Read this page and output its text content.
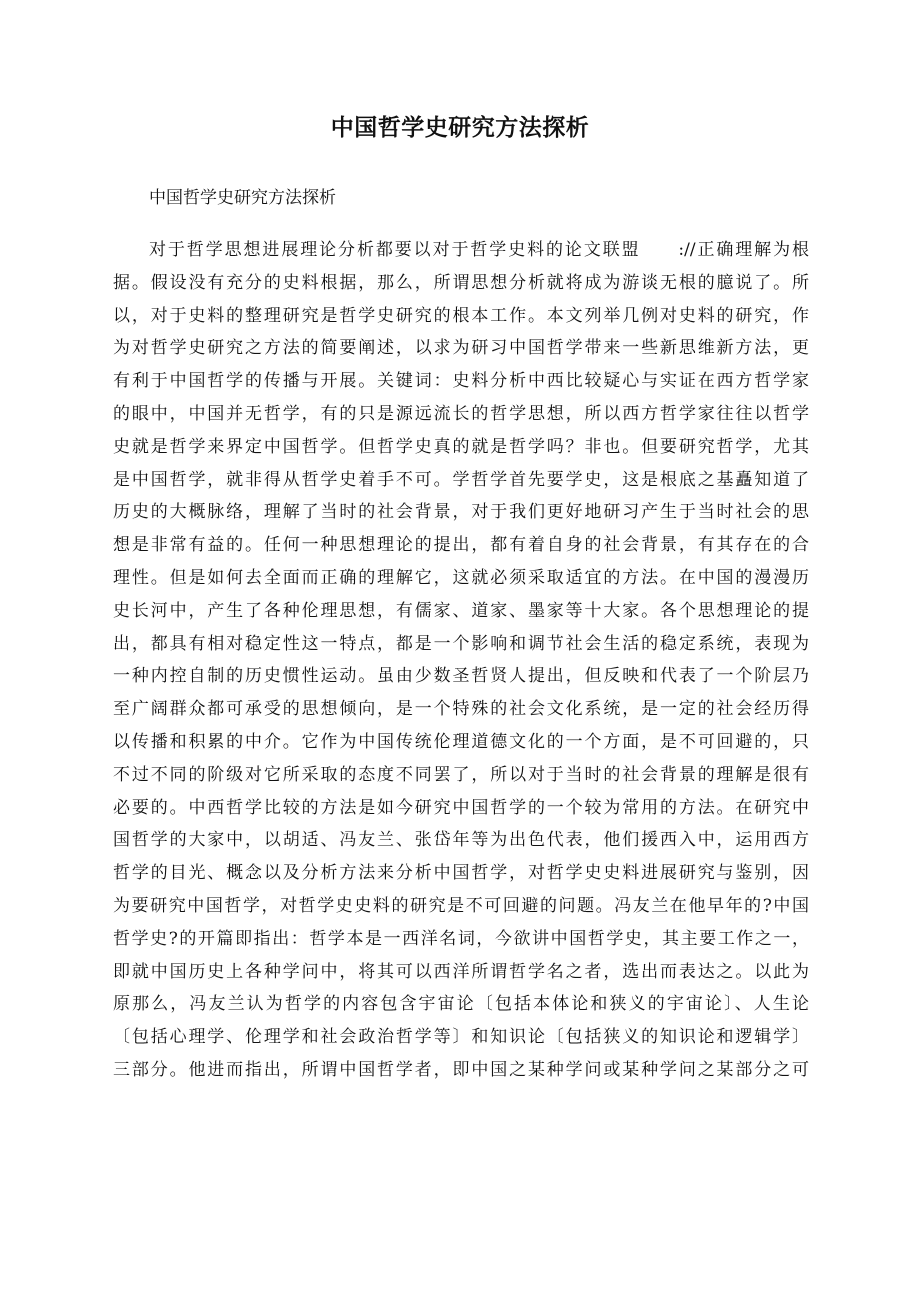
中国哲学史研究方法探析
中国哲学史研究方法探析
对于哲学思想进展理论分析都要以对于哲学史料的论文联盟　　://正确理解为根
据。假设没有充分的史料根据，那么，所谓思想分析就将成为游谈无根的臆说了。所
以，对于史料的整理研究是哲学史研究的根本工作。本文列举几例对史料的研究，作
为对哲学史研究之方法的简要阐述，以求为研习中国哲学带来一些新思维新方法，更
有利于中国哲学的传播与开展。关键词：史料分析中西比较疑心与实证在西方哲学家
的眼中，中国并无哲学，有的只是源远流长的哲学思想，所以西方哲学家往往以哲学
史就是哲学来界定中国哲学。但哲学史真的就是哲学吗？非也。但要研究哲学，尤其
是中国哲学，就非得从哲学史着手不可。学哲学首先要学史，这是根底之基矗知道了
历史的大概脉络，理解了当时的社会背景，对于我们更好地研习产生于当时社会的思
想是非常有益的。任何一种思想理论的提出，都有着自身的社会背景，有其存在的合
理性。但是如何去全面而正确的理解它，这就必须采取适宜的方法。在中国的漫漫历
史长河中，产生了各种伦理思想，有儒家、道家、墨家等十大家。各个思想理论的提
出，都具有相对稳定性这一特点，都是一个影响和调节社会生活的稳定系统，表现为
一种内控自制的历史惯性运动。虽由少数圣哲贤人提出，但反映和代表了一个阶层乃
至广阔群众都可承受的思想倾向，是一个特殊的社会文化系统，是一定的社会经历得
以传播和积累的中介。它作为中国传统伦理道德文化的一个方面，是不可回避的，只
不过不同的阶级对它所采取的态度不同罢了，所以对于当时的社会背景的理解是很有
必要的。中西哲学比较的方法是如今研究中国哲学的一个较为常用的方法。在研究中
国哲学的大家中，以胡适、冯友兰、张岱年等为出色代表，他们援西入中，运用西方
哲学的目光、概念以及分析方法来分析中国哲学，对哲学史史料进展研究与鉴别，因
为要研究中国哲学，对哲学史史料的研究是不可回避的问题。冯友兰在他早年的?中国
哲学史?的开篇即指出：哲学本是一西洋名词，今欲讲中国哲学史，其主要工作之一，
即就中国历史上各种学问中，将其可以西洋所谓哲学名之者，选出而表达之。以此为
原那么，冯友兰认为哲学的内容包含宇宙论〔包括本体论和狭义的宇宙论〕、人生论
〔包括心理学、伦理学和社会政治哲学等〕和知识论〔包括狭义的知识论和逻辑学〕
三部分。他进而指出，所谓中国哲学者，即中国之某种学问或某种学问之某部分之可
